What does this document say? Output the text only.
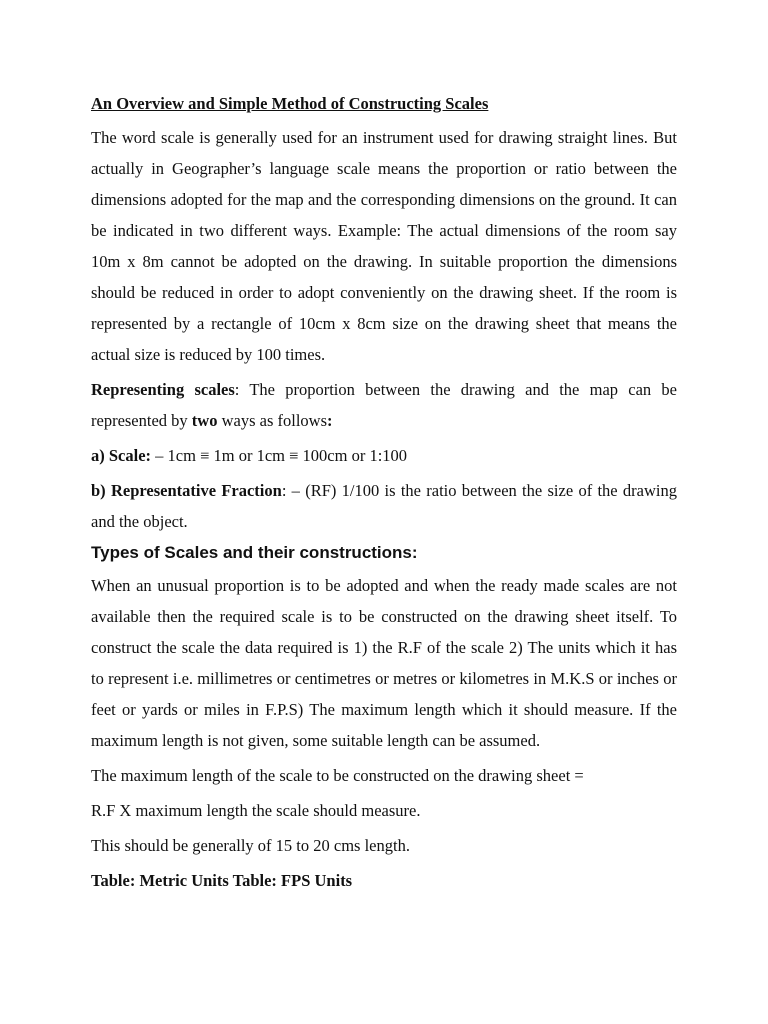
An Overview and Simple Method of Constructing Scales

The word scale is generally used for an instrument used for drawing straight lines. But actually in Geographer’s language scale means the proportion or ratio between the dimensions adopted for the map and the corresponding dimensions on the ground. It can be indicated in two different ways. Example: The actual dimensions of the room say 10m x 8m cannot be adopted on the drawing. In suitable proportion the dimensions should be reduced in order to adopt conveniently on the drawing sheet. If the room is represented by a rectangle of 10cm x 8cm size on the drawing sheet that means the actual size is reduced by 100 times.

Representing scales: The proportion between the drawing and the map can be represented by two ways as follows:

a) Scale: – 1cm ≡ 1m or 1cm ≡ 100cm or 1:100

b) Representative Fraction: – (RF) 1/100 is the ratio between the size of the drawing and the object.

Types of Scales and their constructions:

When an unusual proportion is to be adopted and when the ready made scales are not available then the required scale is to be constructed on the drawing sheet itself. To construct the scale the data required is 1) the R.F of the scale 2) The units which it has to represent i.e. millimetres or centimetres or metres or kilometres in M.K.S or inches or feet or yards or miles in F.P.S) The maximum length which it should measure. If the maximum length is not given, some suitable length can be assumed.

The maximum length of the scale to be constructed on the drawing sheet =

R.F X maximum length the scale should measure.

This should be generally of 15 to 20 cms length.

Table: Metric Units Table: FPS Units
